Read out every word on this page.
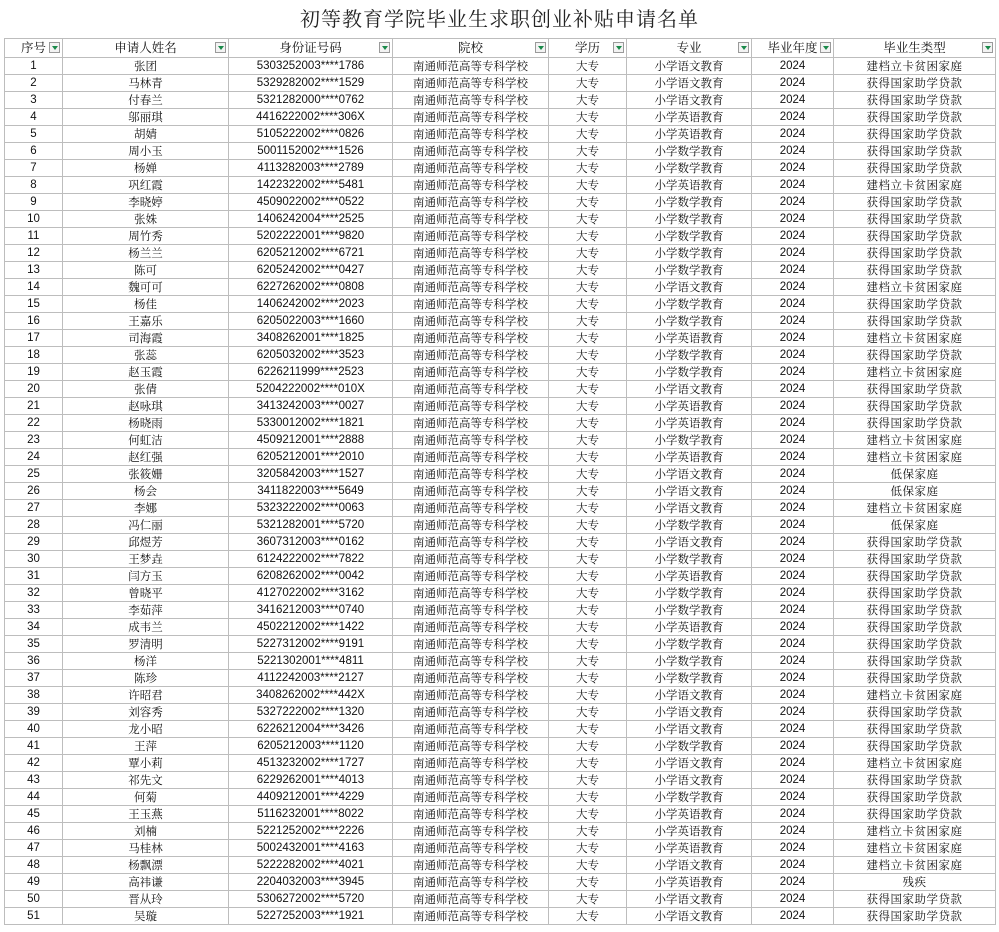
初等教育学院毕业生求职创业补贴申请名单
序号	申请人姓名	身份证号码	院校	学历	专业	毕业年度	毕业生类型

1	张团	5303252003****1786	南通师范高等专科学校	大专	小学语文教育	2024	建档立卡贫困家庭
2	马林青	5329282002****1529	南通师范高等专科学校	大专	小学语文教育	2024	获得国家助学贷款
3	付春兰	5321282000****0762	南通师范高等专科学校	大专	小学语文教育	2024	获得国家助学贷款
4	邬丽琪	4416222002****306X	南通师范高等专科学校	大专	小学英语教育	2024	获得国家助学贷款
5	胡婧	5105222002****0826	南通师范高等专科学校	大专	小学英语教育	2024	获得国家助学贷款
6	周小玉	5001152002****1526	南通师范高等专科学校	大专	小学数学教育	2024	获得国家助学贷款
7	杨婵	4113282003****2789	南通师范高等专科学校	大专	小学数学教育	2024	获得国家助学贷款
8	巩红霞	1422322002****5481	南通师范高等专科学校	大专	小学英语教育	2024	建档立卡贫困家庭
9	李晓婷	4509022002****0522	南通师范高等专科学校	大专	小学数学教育	2024	获得国家助学贷款
10	张姝	1406242004****2525	南通师范高等专科学校	大专	小学数学教育	2024	获得国家助学贷款
11	周竹秀	5202222001****9820	南通师范高等专科学校	大专	小学数学教育	2024	获得国家助学贷款
12	杨兰兰	6205212002****6721	南通师范高等专科学校	大专	小学数学教育	2024	获得国家助学贷款
13	陈可	6205242002****0427	南通师范高等专科学校	大专	小学数学教育	2024	获得国家助学贷款
14	魏可可	6227262002****0808	南通师范高等专科学校	大专	小学语文教育	2024	建档立卡贫困家庭
15	杨佳	1406242002****2023	南通师范高等专科学校	大专	小学数学教育	2024	获得国家助学贷款
16	王嘉乐	6205022003****1660	南通师范高等专科学校	大专	小学数学教育	2024	获得国家助学贷款
17	司海霞	3408262001****1825	南通师范高等专科学校	大专	小学英语教育	2024	建档立卡贫困家庭
18	张蕊	6205032002****3523	南通师范高等专科学校	大专	小学数学教育	2024	获得国家助学贷款
19	赵玉霞	6226211999****2523	南通师范高等专科学校	大专	小学数学教育	2024	建档立卡贫困家庭
20	张倩	5204222002****010X	南通师范高等专科学校	大专	小学语文教育	2024	获得国家助学贷款
21	赵咏琪	3413242003****0027	南通师范高等专科学校	大专	小学英语教育	2024	获得国家助学贷款
22	杨晓雨	5330012002****1821	南通师范高等专科学校	大专	小学英语教育	2024	获得国家助学贷款
23	何虹洁	4509212001****2888	南通师范高等专科学校	大专	小学数学教育	2024	建档立卡贫困家庭
24	赵红强	6205212001****2010	南通师范高等专科学校	大专	小学英语教育	2024	建档立卡贫困家庭
25	张筱姗	3205842003****1527	南通师范高等专科学校	大专	小学语文教育	2024	低保家庭
26	杨会	3411822003****5649	南通师范高等专科学校	大专	小学语文教育	2024	低保家庭
27	李娜	5323222002****0063	南通师范高等专科学校	大专	小学语文教育	2024	建档立卡贫困家庭
28	冯仁丽	5321282001****5720	南通师范高等专科学校	大专	小学数学教育	2024	低保家庭
29	邱煜芳	3607312003****0162	南通师范高等专科学校	大专	小学语文教育	2024	获得国家助学贷款
30	王梦垚	6124222002****7822	南通师范高等专科学校	大专	小学数学教育	2024	获得国家助学贷款
31	闫方玉	6208262002****0042	南通师范高等专科学校	大专	小学英语教育	2024	获得国家助学贷款
32	曾晓平	4127022002****3162	南通师范高等专科学校	大专	小学数学教育	2024	获得国家助学贷款
33	李茹萍	3416212003****0740	南通师范高等专科学校	大专	小学数学教育	2024	获得国家助学贷款
34	成韦兰	4502212002****1422	南通师范高等专科学校	大专	小学英语教育	2024	获得国家助学贷款
35	罗清明	5227312002****9191	南通师范高等专科学校	大专	小学数学教育	2024	获得国家助学贷款
36	杨洋	5221302001****4811	南通师范高等专科学校	大专	小学数学教育	2024	获得国家助学贷款
37	陈珍	4112242003****2127	南通师范高等专科学校	大专	小学数学教育	2024	获得国家助学贷款
38	许昭君	3408262002****442X	南通师范高等专科学校	大专	小学语文教育	2024	建档立卡贫困家庭
39	刘容秀	5327222002****1320	南通师范高等专科学校	大专	小学语文教育	2024	获得国家助学贷款
40	龙小昭	6226212004****3426	南通师范高等专科学校	大专	小学语文教育	2024	获得国家助学贷款
41	王萍	6205212003****1120	南通师范高等专科学校	大专	小学数学教育	2024	获得国家助学贷款
42	覃小莉	4513232002****1727	南通师范高等专科学校	大专	小学语文教育	2024	建档立卡贫困家庭
43	祁先文	6229262001****4013	南通师范高等专科学校	大专	小学语文教育	2024	获得国家助学贷款
44	何菊	4409212001****4229	南通师范高等专科学校	大专	小学数学教育	2024	获得国家助学贷款
45	王玉燕	5116232001****8022	南通师范高等专科学校	大专	小学英语教育	2024	获得国家助学贷款
46	刘楠	5221252002****2226	南通师范高等专科学校	大专	小学英语教育	2024	建档立卡贫困家庭
47	马桂林	5002432001****4163	南通师范高等专科学校	大专	小学英语教育	2024	建档立卡贫困家庭
48	杨飘漂	5222282002****4021	南通师范高等专科学校	大专	小学语文教育	2024	建档立卡贫困家庭
49	高祎谦	2204032003****3945	南通师范高等专科学校	大专	小学英语教育	2024	残疾
50	晋从玲	5306272002****5720	南通师范高等专科学校	大专	小学语文教育	2024	获得国家助学贷款
51	吴璇	5227252003****1921	南通师范高等专科学校	大专	小学语文教育	2024	获得国家助学贷款
